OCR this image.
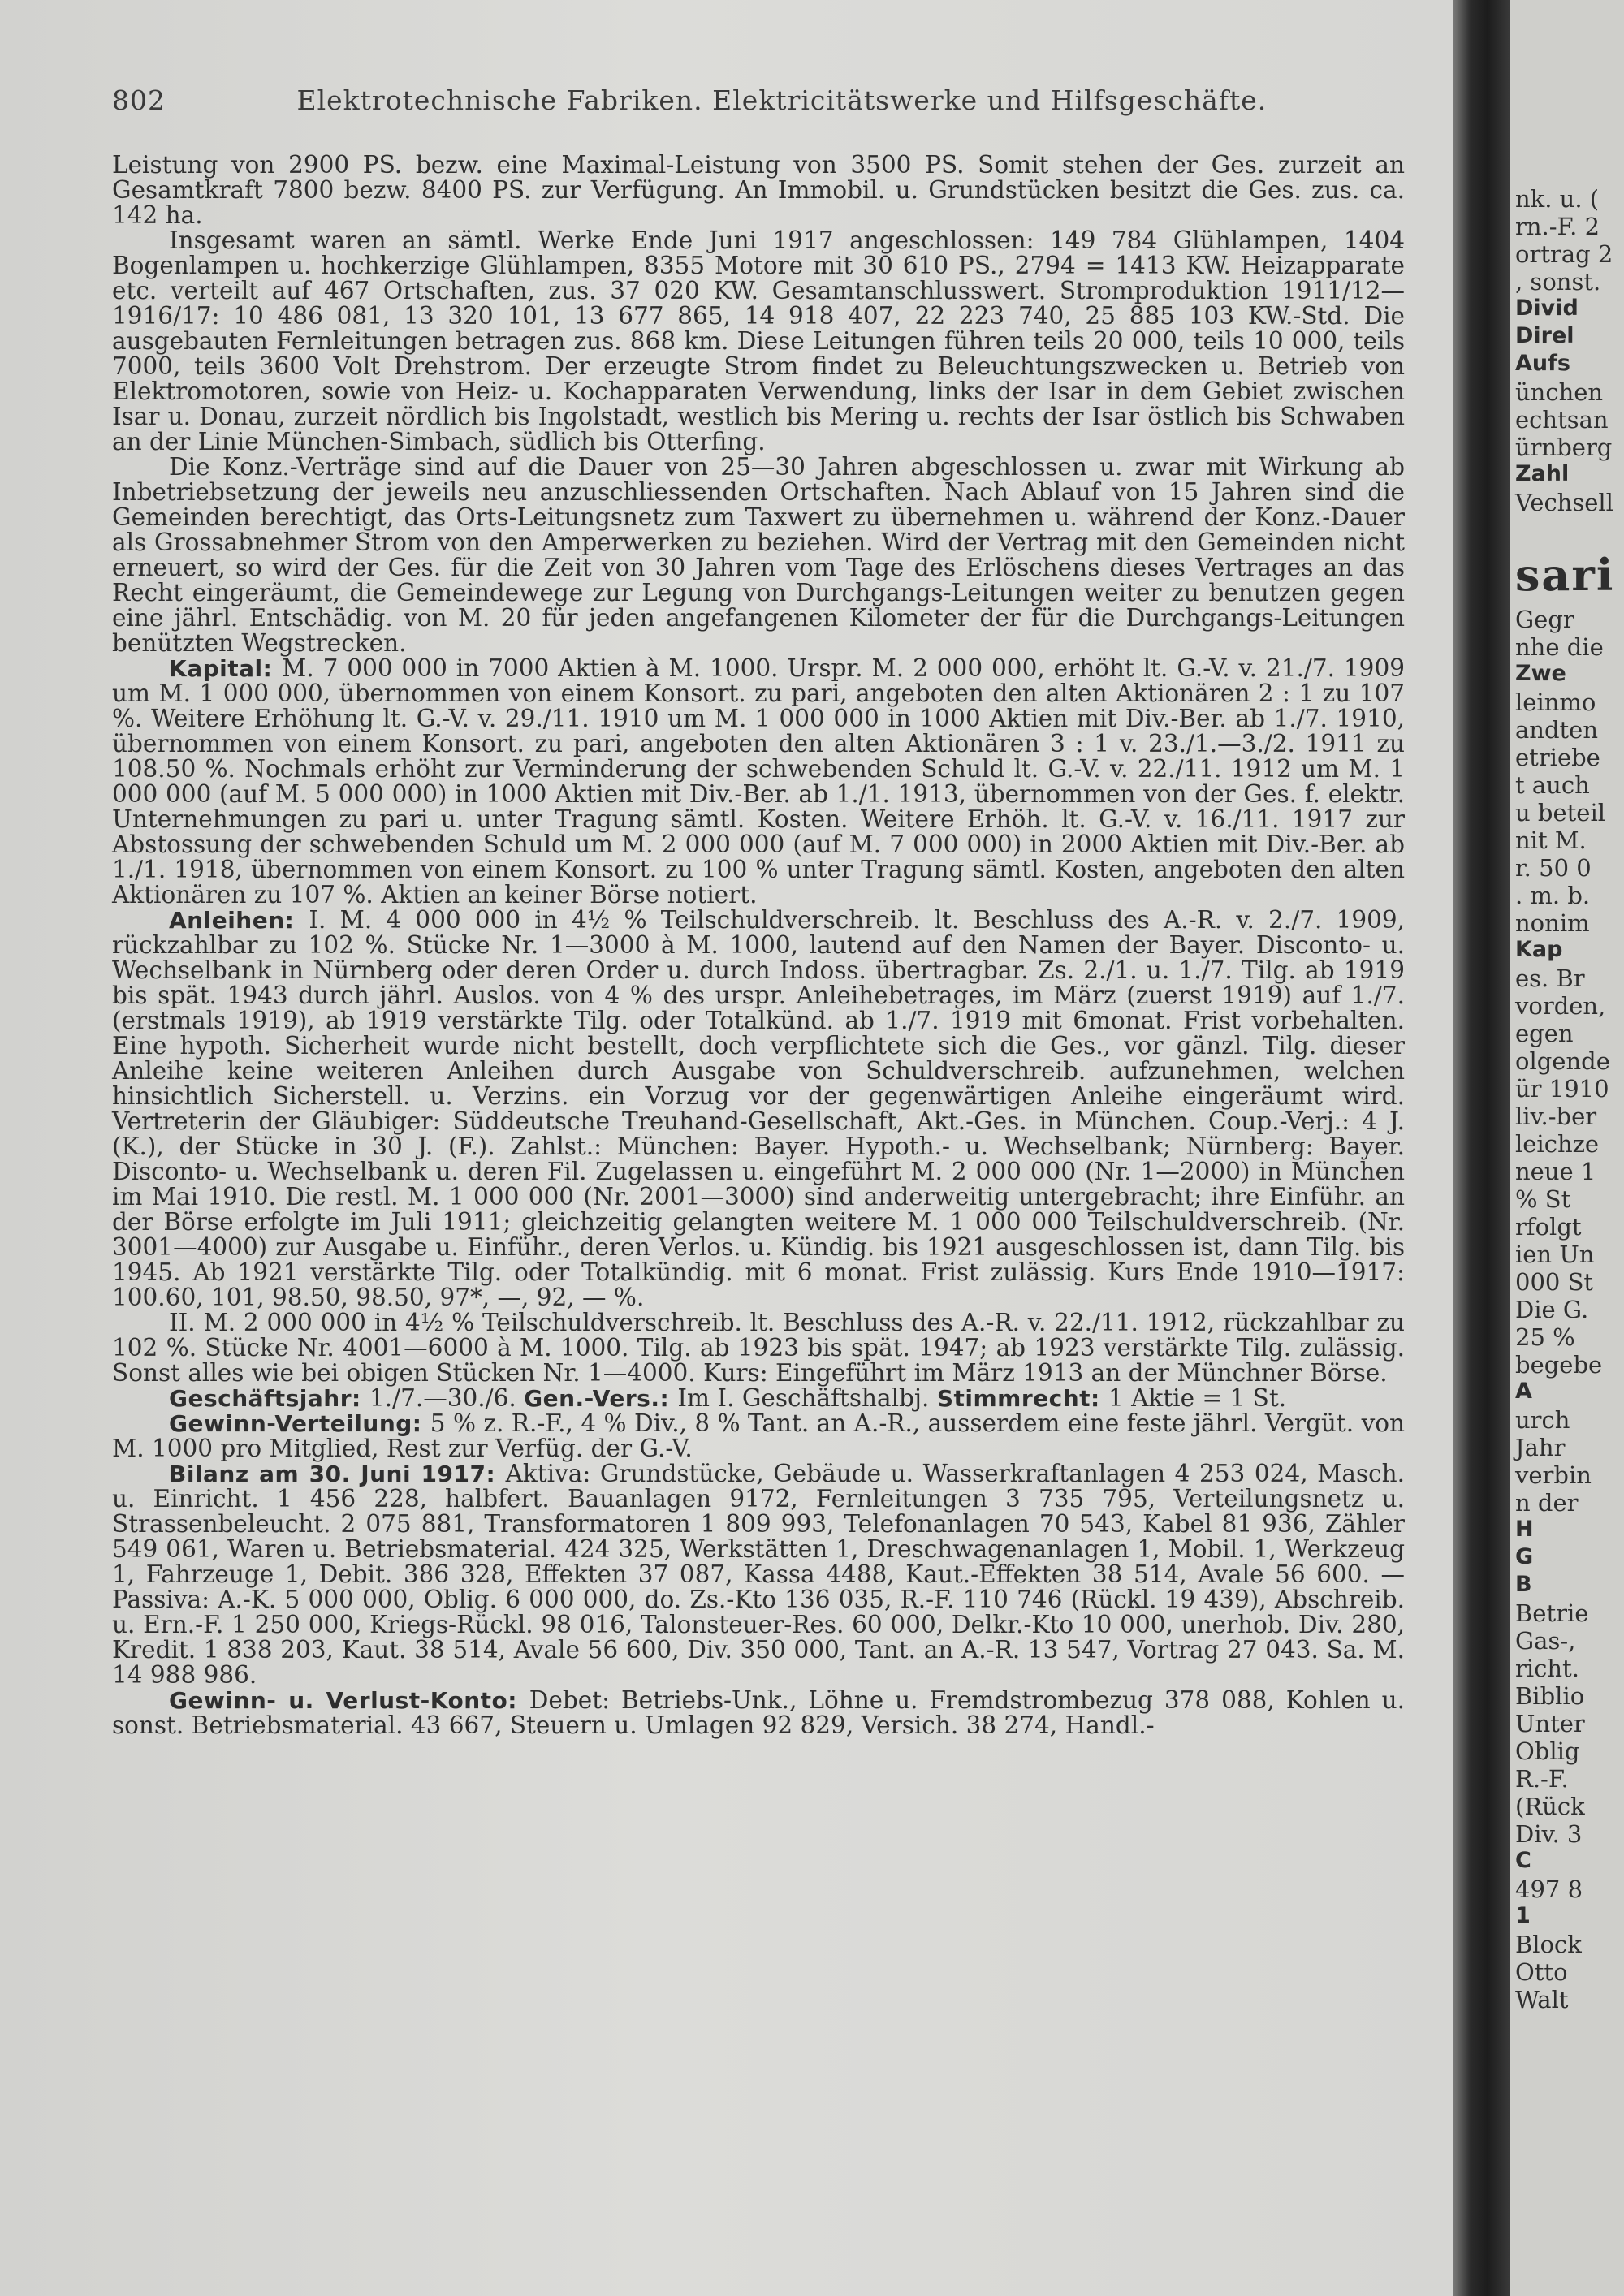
802	Elektrotechnische Fabriken. Elektricitätswerke und Hilfsgeschäfte.

Leistung von 2900 PS. bezw. eine Maximal-Leistung von 3500 PS. Somit stehen der Ges. zurzeit an Gesamtkraft 7800 bezw. 8400 PS. zur Verfügung. An Immobil. u. Grundstücken besitzt die Ges. zus. ca. 142 ha.

Insgesamt waren an sämtl. Werke Ende Juni 1917 angeschlossen: 149 784 Glühlampen, 1404 Bogenlampen u. hochkerzige Glühlampen, 8355 Motore mit 30 610 PS., 2794 = 1413 KW. Heizapparate etc. verteilt auf 467 Ortschaften, zus. 37 020 KW. Gesamtanschlusswert. Stromproduktion 1911/12—1916/17: 10 486 081, 13 320 101, 13 677 865, 14 918 407, 22 223 740, 25 885 103 KW.-Std. Die ausgebauten Fernleitungen betragen zus. 868 km. Diese Leitungen führen teils 20 000, teils 10 000, teils 7000, teils 3600 Volt Drehstrom. Der erzeugte Strom findet zu Beleuchtungszwecken u. Betrieb von Elektromotoren, sowie von Heiz- u. Kochapparaten Verwendung, links der Isar in dem Gebiet zwischen Isar u. Donau, zurzeit nördlich bis Ingolstadt, westlich bis Mering u. rechts der Isar östlich bis Schwaben an der Linie München-Simbach, südlich bis Otterfing.

Die Konz.-Verträge sind auf die Dauer von 25—30 Jahren abgeschlossen u. zwar mit Wirkung ab Inbetriebsetzung der jeweils neu anzuschliessenden Ortschaften. Nach Ablauf von 15 Jahren sind die Gemeinden berechtigt, das Orts-Leitungsnetz zum Taxwert zu übernehmen u. während der Konz.-Dauer als Grossabnehmer Strom von den Amperwerken zu beziehen. Wird der Vertrag mit den Gemeinden nicht erneuert, so wird der Ges. für die Zeit von 30 Jahren vom Tage des Erlöschens dieses Vertrages an das Recht eingeräumt, die Gemeindewege zur Legung von Durchgangs-Leitungen weiter zu benutzen gegen eine jährl. Entschädig. von M. 20 für jeden angefangenen Kilometer der für die Durchgangs-Leitungen benützten Wegstrecken.

Kapital: M. 7 000 000 in 7000 Aktien à M. 1000. Urspr. M. 2 000 000, erhöht lt. G.-V. v. 21./7. 1909 um M. 1 000 000, übernommen von einem Konsort. zu pari, angeboten den alten Aktionären 2 : 1 zu 107 %. Weitere Erhöhung lt. G.-V. v. 29./11. 1910 um M. 1 000 000 in 1000 Aktien mit Div.-Ber. ab 1./7. 1910, übernommen von einem Konsort. zu pari, angeboten den alten Aktionären 3 : 1 v. 23./1.—3./2. 1911 zu 108.50 %. Nochmals erhöht zur Verminderung der schwebenden Schuld lt. G.-V. v. 22./11. 1912 um M. 1 000 000 (auf M. 5 000 000) in 1000 Aktien mit Div.-Ber. ab 1./1. 1913, übernommen von der Ges. f. elektr. Unternehmungen zu pari u. unter Tragung sämtl. Kosten. Weitere Erhöh. lt. G.-V. v. 16./11. 1917 zur Abstossung der schwebenden Schuld um M. 2 000 000 (auf M. 7 000 000) in 2000 Aktien mit Div.-Ber. ab 1./1. 1918, übernommen von einem Konsort. zu 100 % unter Tragung sämtl. Kosten, angeboten den alten Aktionären zu 107 %. Aktien an keiner Börse notiert.

Anleihen: I. M. 4 000 000 in 4½ % Teilschuldverschreib. lt. Beschluss des A.-R. v. 2./7. 1909, rückzahlbar zu 102 %. Stücke Nr. 1—3000 à M. 1000, lautend auf den Namen der Bayer. Disconto- u. Wechselbank in Nürnberg oder deren Order u. durch Indoss. übertragbar. Zs. 2./1. u. 1./7. Tilg. ab 1919 bis spät. 1943 durch jährl. Auslos. von 4 % des urspr. Anleihebetrages, im März (zuerst 1919) auf 1./7. (erstmals 1919), ab 1919 verstärkte Tilg. oder Totalkünd. ab 1./7. 1919 mit 6monat. Frist vorbehalten. Eine hypoth. Sicherheit wurde nicht bestellt, doch verpflichtete sich die Ges., vor gänzl. Tilg. dieser Anleihe keine weiteren Anleihen durch Ausgabe von Schuldverschreib. aufzunehmen, welchen hinsichtlich Sicherstell. u. Verzins. ein Vorzug vor der gegenwärtigen Anleihe eingeräumt wird. Vertreterin der Gläubiger: Süddeutsche Treuhand-Gesellschaft, Akt.-Ges. in München. Coup.-Verj.: 4 J. (K.), der Stücke in 30 J. (F.). Zahlst.: München: Bayer. Hypoth.- u. Wechselbank; Nürnberg: Bayer. Disconto- u. Wechselbank u. deren Fil. Zugelassen u. eingeführt M. 2 000 000 (Nr. 1—2000) in München im Mai 1910. Die restl. M. 1 000 000 (Nr. 2001—3000) sind anderweitig untergebracht; ihre Einführ. an der Börse erfolgte im Juli 1911; gleichzeitig gelangten weitere M. 1 000 000 Teilschuldverschreib. (Nr. 3001—4000) zur Ausgabe u. Einführ., deren Verlos. u. Kündig. bis 1921 ausgeschlossen ist, dann Tilg. bis 1945. Ab 1921 verstärkte Tilg. oder Totalkündig. mit 6 monat. Frist zulässig. Kurs Ende 1910—1917: 100.60, 101, 98.50, 98.50, 97*, —, 92, — %.

II. M. 2 000 000 in 4½ % Teilschuldverschreib. lt. Beschluss des A.-R. v. 22./11. 1912, rückzahlbar zu 102 %. Stücke Nr. 4001—6000 à M. 1000. Tilg. ab 1923 bis spät. 1947; ab 1923 verstärkte Tilg. zulässig. Sonst alles wie bei obigen Stücken Nr. 1—4000. Kurs: Eingeführt im März 1913 an der Münchner Börse.

Geschäftsjahr: 1./7.—30./6. Gen.-Vers.: Im I. Geschäftshalbj. Stimmrecht: 1 Aktie = 1 St.

Gewinn-Verteilung: 5 % z. R.-F., 4 % Div., 8 % Tant. an A.-R., ausserdem eine feste jährl. Vergüt. von M. 1000 pro Mitglied, Rest zur Verfüg. der G.-V.

Bilanz am 30. Juni 1917: Aktiva: Grundstücke, Gebäude u. Wasserkraftanlagen 4 253 024, Masch. u. Einricht. 1 456 228, halbfert. Bauanlagen 9172, Fernleitungen 3 735 795, Verteilungsnetz u. Strassenbeleucht. 2 075 881, Transformatoren 1 809 993, Telefonanlagen 70 543, Kabel 81 936, Zähler 549 061, Waren u. Betriebsmaterial. 424 325, Werkstätten 1, Dreschwagenanlagen 1, Mobil. 1, Werkzeug 1, Fahrzeuge 1, Debit. 386 328, Effekten 37 087, Kassa 4488, Kaut.-Effekten 38 514, Avale 56 600. — Passiva: A.-K. 5 000 000, Oblig. 6 000 000, do. Zs.-Kto 136 035, R.-F. 110 746 (Rückl. 19 439), Abschreib. u. Ern.-F. 1 250 000, Kriegs-Rückl. 98 016, Talonsteuer-Res. 60 000, Delkr.-Kto 10 000, unerhob. Div. 280, Kredit. 1 838 203, Kaut. 38 514, Avale 56 600, Div. 350 000, Tant. an A.-R. 13 547, Vortrag 27 043. Sa. M. 14 988 986.

Gewinn- u. Verlust-Konto: Debet: Betriebs-Unk., Löhne u. Fremdstrombezug 378 088, Kohlen u. sonst. Betriebsmaterial. 43 667, Steuern u. Umlagen 92 829, Versich. 38 274, Handl.-

nk. u. (
rn.-F. 2
ortrag 2
, sonst.
Divid
Direl
Aufs
ünchen
echtsan
ürnberg
Zahl
Vechsell
sari
Gegr
nhe die
Zwe
leinmo
andten
etriebe
t auch
u beteil
nit M.
r. 50 0
. m. b.
nonim
Kap
es. Br
vorden,
egen
olgende
ür 1910
liv.-ber
leichze
neue 1
% St
rfolgt
ien Un
000 St
Die G.
25 %
begebe
A
urch
Jahr
verbin
n der
H
G
B
Betrie
Gas-,
richt.
Biblio
Unter
Oblig
R.-F.
(Rück
Div. 3
C
497 8
1
Block
Otto
Walt
